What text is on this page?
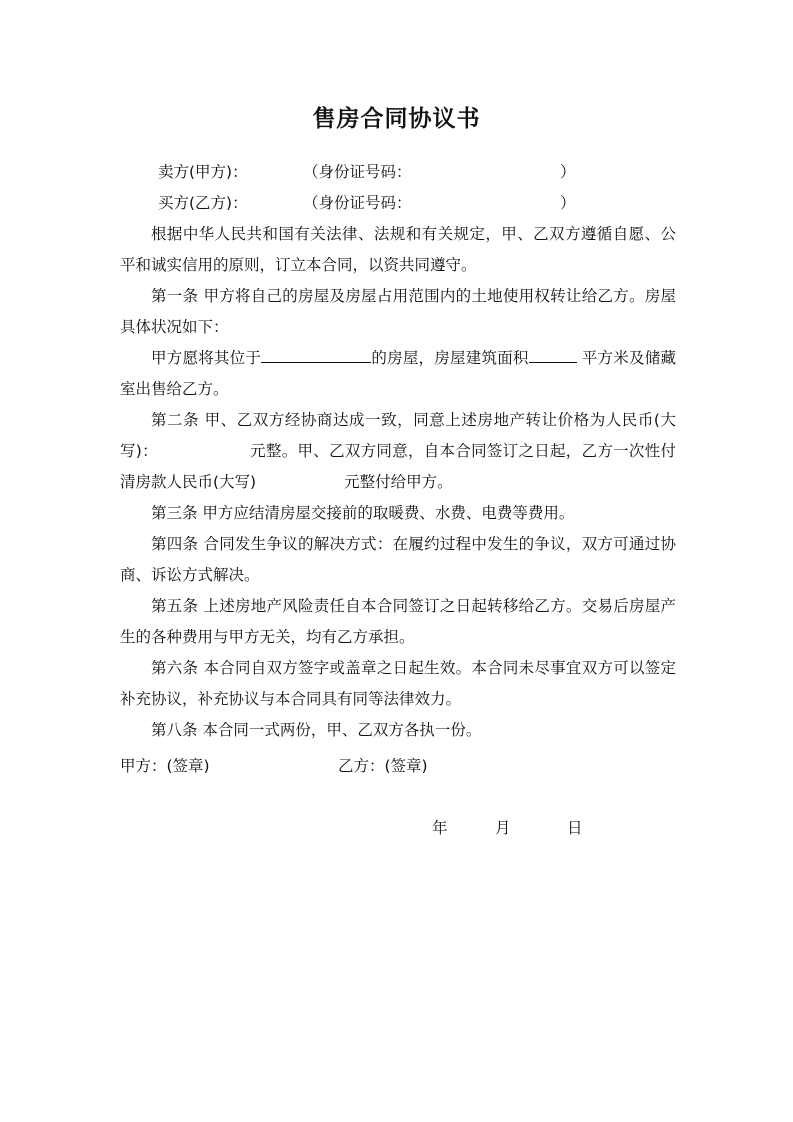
售房合同协议书
卖方(甲方)：	（身份证号码：	）
买方(乙方)：	（身份证号码：	）

根据中华人民共和国有关法律、法规和有关规定，甲、乙双方遵循自愿、公平和诚实信用的原则，订立本合同，以资共同遵守。

第一条 甲方将自己的房屋及房屋占用范围内的土地使用权转让给乙方。房屋具体状况如下：

甲方愿将其位于	的房屋，房屋建筑面积	平方米及储藏室出售给乙方。

第二条 甲、乙双方经协商达成一致，同意上述房地产转让价格为人民币(大写)：	元整。甲、乙双方同意，自本合同签订之日起，乙方一次性付清房款人民币(大写)	元整付给甲方。

第三条 甲方应结清房屋交接前的取暖费、水费、电费等费用。

第四条 合同发生争议的解决方式：在履约过程中发生的争议，双方可通过协商、诉讼方式解决。

第五条 上述房地产风险责任自本合同签订之日起转移给乙方。交易后房屋产生的各种费用与甲方无关，均有乙方承担。

第六条 本合同自双方签字或盖章之日起生效。本合同未尽事宜双方可以签定补充协议，补充协议与本合同具有同等法律效力。

第八条 本合同一式两份，甲、乙双方各执一份。

甲方：(签章)	乙方：(签章)
年	月	日
